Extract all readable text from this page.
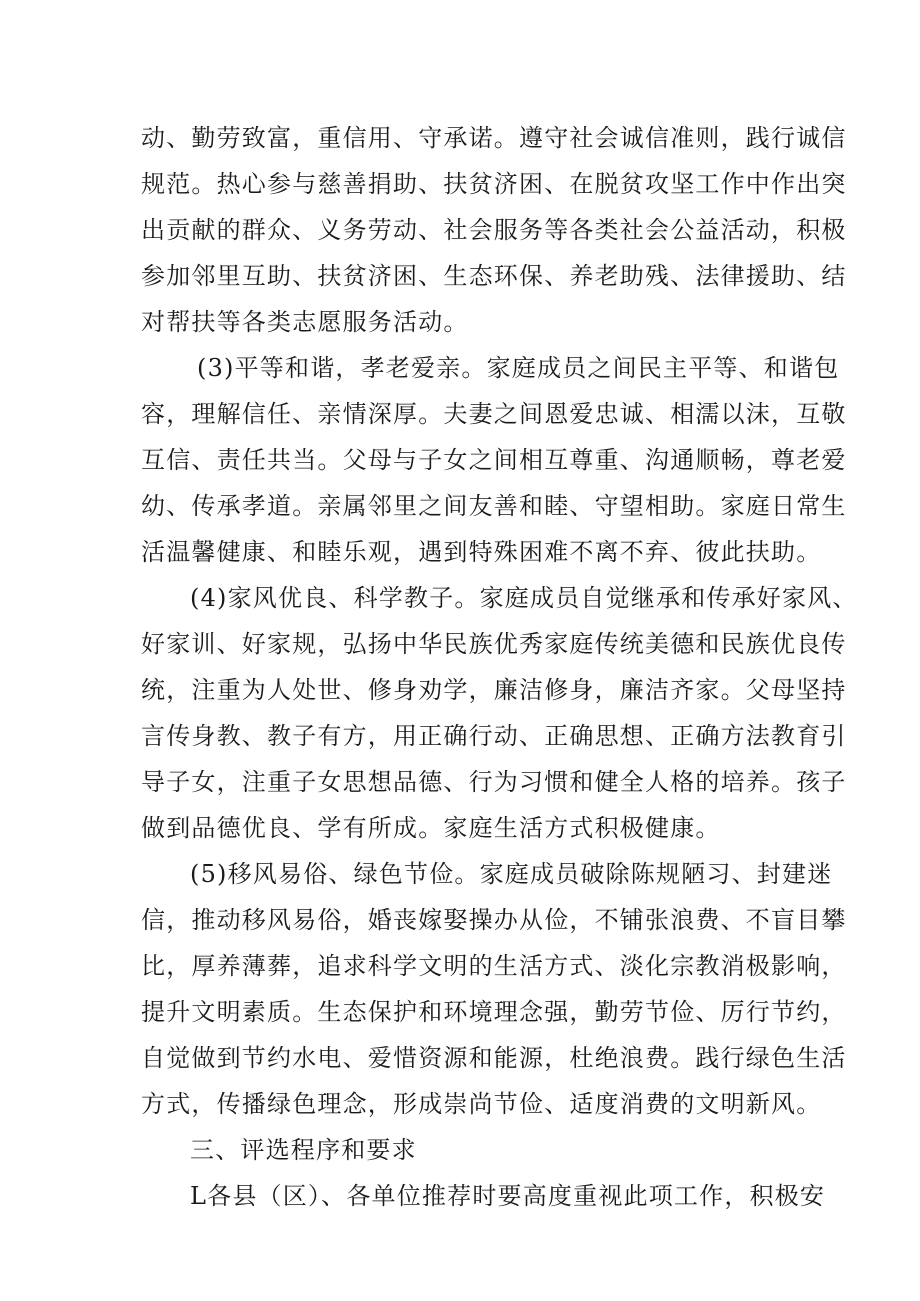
动、勤劳致富，重信用、守承诺。遵守社会诚信准则，践行诚信
规范。热心参与慈善捐助、扶贫济困、在脱贫攻坚工作中作出突
出贡献的群众、义务劳动、社会服务等各类社会公益活动，积极
参加邻里互助、扶贫济困、生态环保、养老助残、法律援助、结
对帮扶等各类志愿服务活动。
(3)平等和谐，孝老爱亲。家庭成员之间民主平等、和谐包
容，理解信任、亲情深厚。夫妻之间恩爱忠诚、相濡以沫，互敬
互信、责任共当。父母与子女之间相互尊重、沟通顺畅，尊老爱
幼、传承孝道。亲属邻里之间友善和睦、守望相助。家庭日常生
活温馨健康、和睦乐观，遇到特殊困难不离不弃、彼此扶助。
(4)家风优良、科学教子。家庭成员自觉继承和传承好家风、
好家训、好家规，弘扬中华民族优秀家庭传统美德和民族优良传
统，注重为人处世、修身劝学，廉洁修身，廉洁齐家。父母坚持
言传身教、教子有方，用正确行动、正确思想、正确方法教育引
导子女，注重子女思想品德、行为习惯和健全人格的培养。孩子
做到品德优良、学有所成。家庭生活方式积极健康。
(5)移风易俗、绿色节俭。家庭成员破除陈规陋习、封建迷
信，推动移风易俗，婚丧嫁娶操办从俭，不铺张浪费、不盲目攀
比，厚养薄葬，追求科学文明的生活方式、淡化宗教消极影响，
提升文明素质。生态保护和环境理念强，勤劳节俭、厉行节约，
自觉做到节约水电、爱惜资源和能源，杜绝浪费。践行绿色生活
方式，传播绿色理念，形成崇尚节俭、适度消费的文明新风。
三、评选程序和要求
L各县（区）、各单位推荐时要高度重视此项工作，积极安
